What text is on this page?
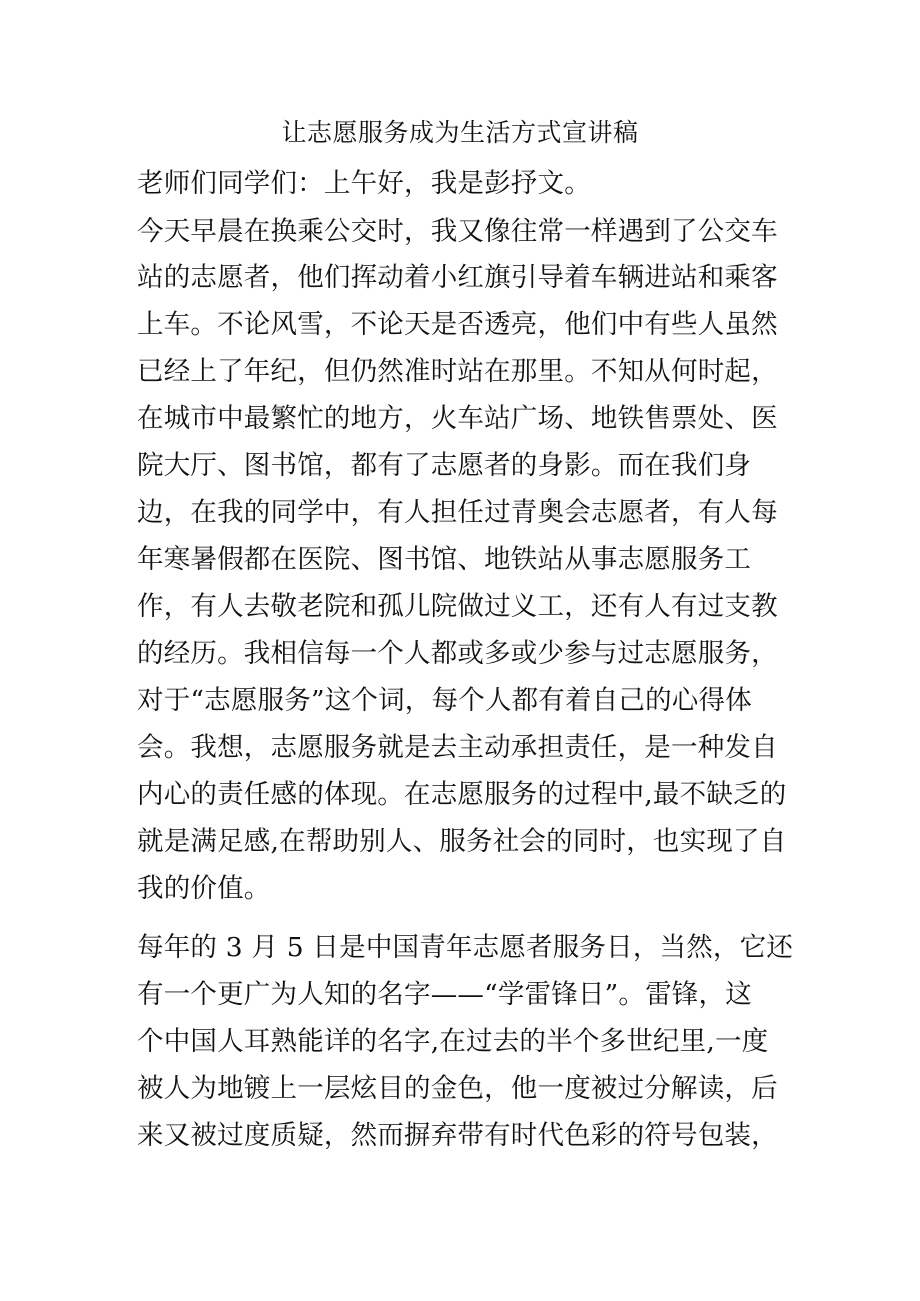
让志愿服务成为生活方式宣讲稿
老师们同学们：上午好，我是彭抒文。
今天早晨在换乘公交时，我又像往常一样遇到了公交车
站的志愿者，他们挥动着小红旗引导着车辆进站和乘客
上车。不论风雪，不论天是否透亮，他们中有些人虽然
已经上了年纪，但仍然准时站在那里。不知从何时起，
在城市中最繁忙的地方，火车站广场、地铁售票处、医
院大厅、图书馆，都有了志愿者的身影。而在我们身
边，在我的同学中，有人担任过青奥会志愿者，有人每
年寒暑假都在医院、图书馆、地铁站从事志愿服务工
作，有人去敬老院和孤儿院做过义工，还有人有过支教
的经历。我相信每一个人都或多或少参与过志愿服务，
对于“志愿服务”这个词，每个人都有着自己的心得体
会。我想，志愿服务就是去主动承担责任，是一种发自
内心的责任感的体现。在志愿服务的过程中,最不缺乏的
就是满足感,在帮助别人、服务社会的同时，也实现了自
我的价值。
每年的 3 月 5 日是中国青年志愿者服务日，当然，它还
有一个更广为人知的名字——“学雷锋日”。雷锋，这
个中国人耳熟能详的名字,在过去的半个多世纪里,一度
被人为地镀上一层炫目的金色，他一度被过分解读，后
来又被过度质疑，然而摒弃带有时代色彩的符号包装，
